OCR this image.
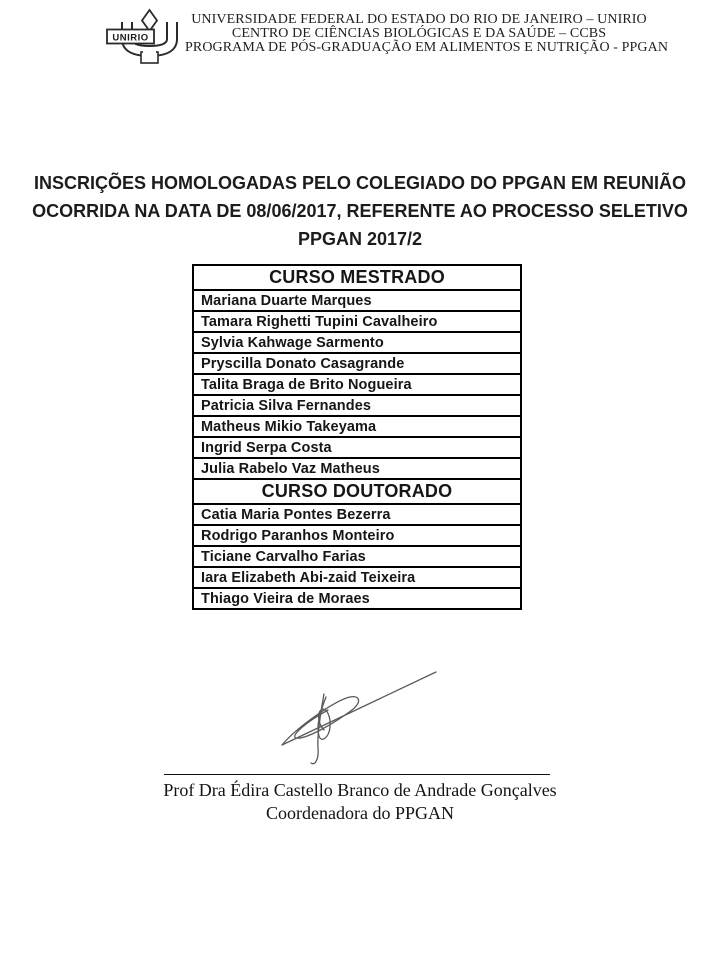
UNIRIO
UNIVERSIDADE FEDERAL DO ESTADO DO RIO DE JANEIRO – UNIRIO
CENTRO DE CIÊNCIAS BIOLÓGICAS E DA SAÚDE – CCBS
PROGRAMA DE PÓS-GRADUAÇÃO EM ALIMENTOS E NUTRIÇÃO - PPGAN
INSCRIÇÕES HOMOLOGADAS PELO COLEGIADO DO PPGAN EM REUNIÃO
OCORRIDA NA DATA DE 08/06/2017, REFERENTE AO PROCESSO SELETIVO
PPGAN 2017/2
CURSO MESTRADO
Mariana Duarte Marques
Tamara Righetti Tupini Cavalheiro
Sylvia Kahwage Sarmento
Pryscilla Donato Casagrande
Talita Braga de Brito Nogueira
Patricia Silva Fernandes
Matheus Mikio Takeyama
Ingrid Serpa Costa
Julia Rabelo Vaz Matheus
CURSO DOUTORADO
Catia Maria Pontes Bezerra
Rodrigo Paranhos Monteiro
Ticiane Carvalho Farias
Iara Elizabeth Abi-zaid Teixeira
Thiago Vieira de Moraes
Prof Dra Édira Castello Branco de Andrade Gonçalves
Coordenadora do PPGAN
